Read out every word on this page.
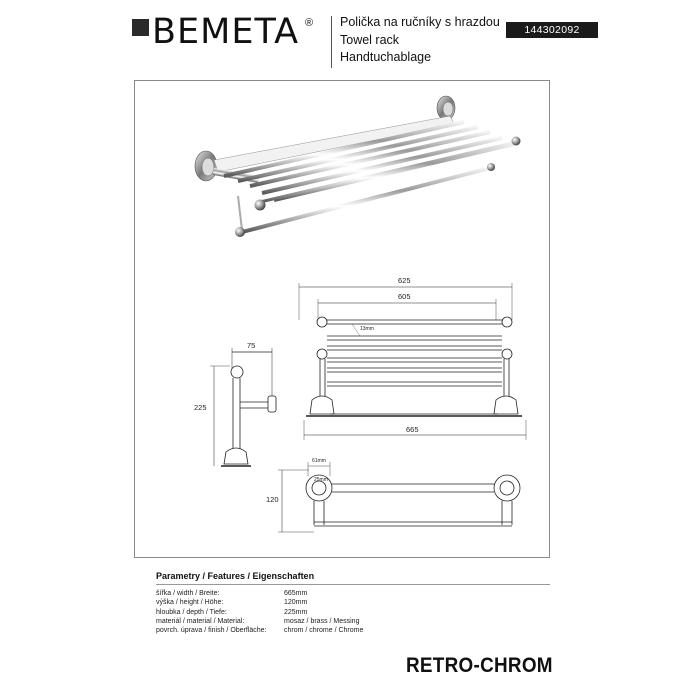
BEMETA ® Polička na ručníky s hrazdou
Towel rack
Handtuchablage
144302092
75
225
625
605
13mm
665
61mm
25mm
120
Parametry / Features / Eigenschaften
šířka / width / Breite:	665mm
výška / height / Höhe:	120mm
hloubka / depth / Tiefe:	225mm
materiál / material / Material:	mosaz / brass / Messing
povrch. úprava / finish / Oberfläche:	chrom / chrome / Chrome
RETRO-CHROM
